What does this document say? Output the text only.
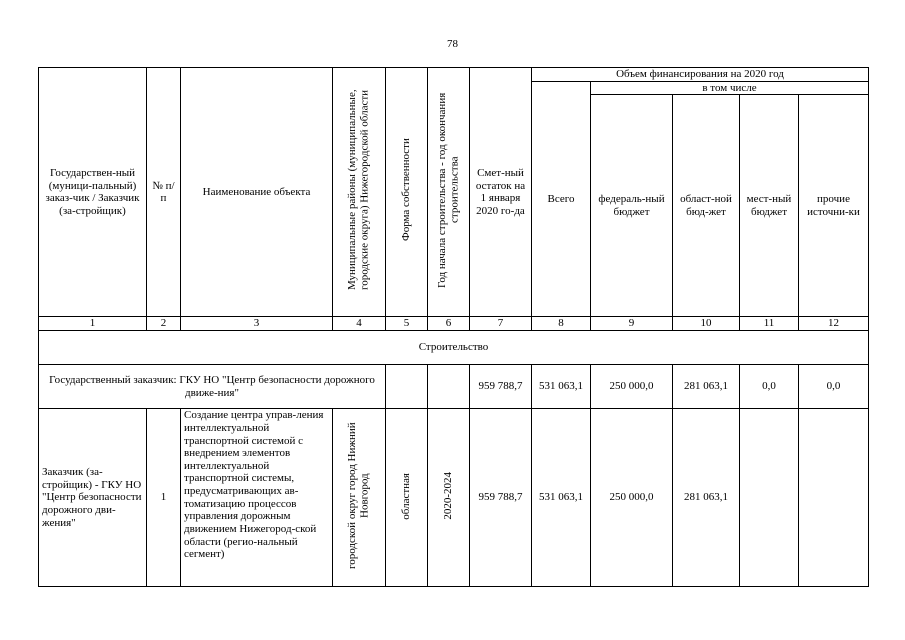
78
Государствен-ный (муници-пальный) заказ-чик / Заказчик (за-стройщик)	№ п/п	Наименование объекта	Муниципальные районы (муниципальные, городские округа) Нижегородской области	Форма собственности	Год начала строительства - год окончания строительства	Смет-ный остаток на 1 января 2020 го-да	Объем финансирования на 2020 год				
							Всего	в том числе			
								федераль-ный бюджет	област-ной бюд-жет	мест-ный бюджет	прочие источни-ки
1	2	3	4	5	6	7	8	9	10	11	12
Строительство											
Государственный заказчик: ГКУ НО "Центр безопасности дорожного движе-ния"						959 788,7	531 063,1	250 000,0	281 063,1	0,0	0,0
Заказчик (за-стройщик) - ГКУ НО "Центр безопасности дорожного дви-жения"	1	Создание центра управ-ления интеллектуальной транспортной системой с внедрением элементов интеллектуальной транспортной системы, предусматривающих ав-томатизацию процессов управления дорожным движением Нижегород-ской области (регио-нальный сегмент)	городской округ город Нижний Новгород	областная	2020-2024	959 788,7	531 063,1	250 000,0	281 063,1		
